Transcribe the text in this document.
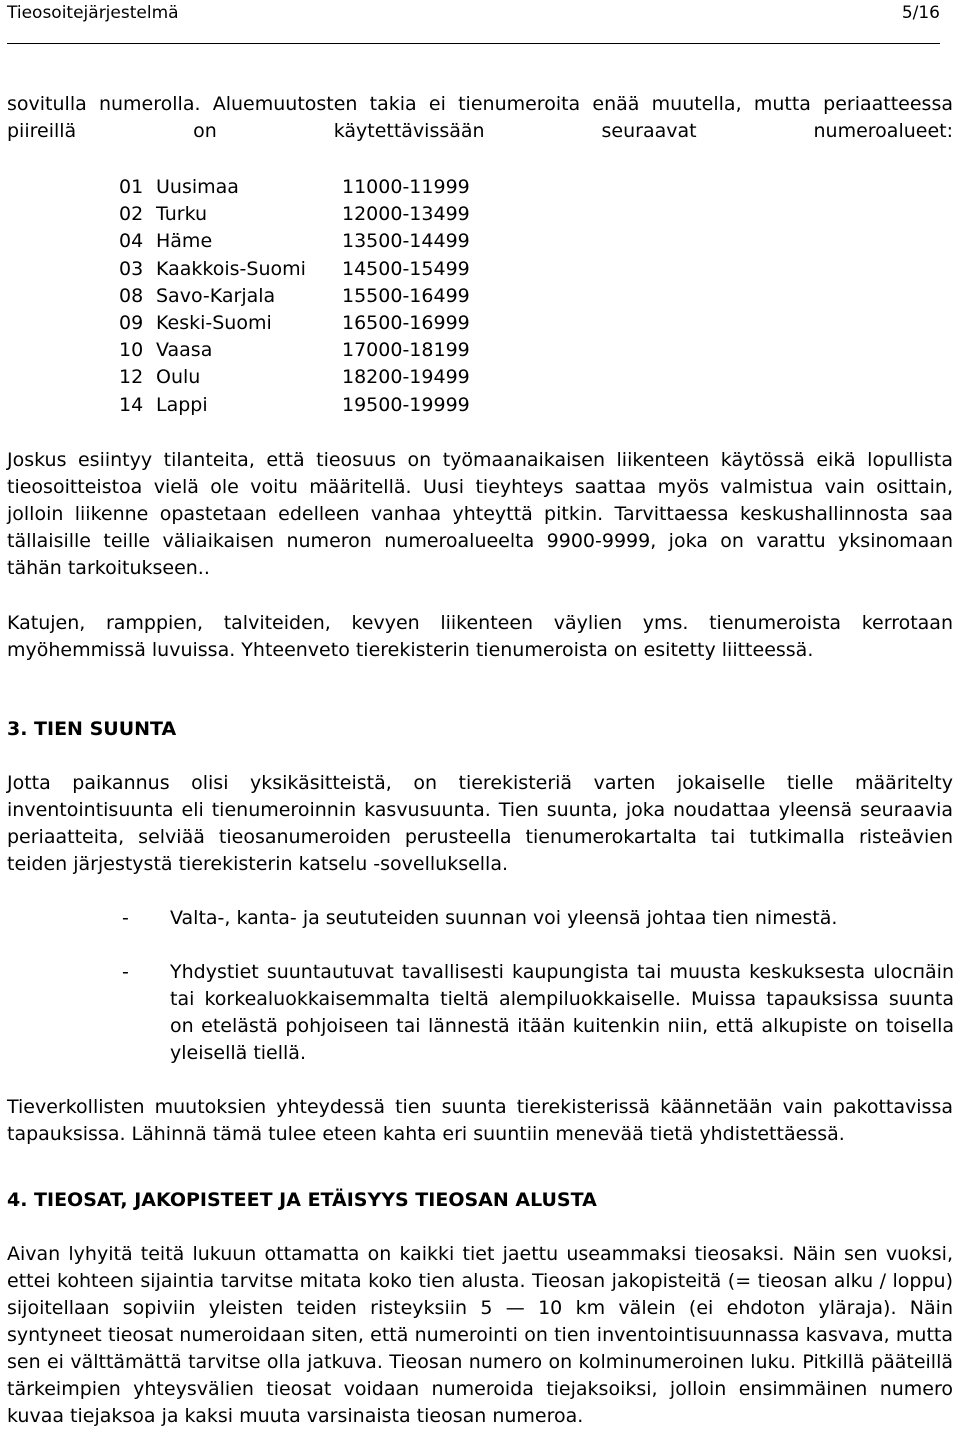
Tieosoitejärjestelmä	5/16

sovitulla numerolla. Aluemuutosten takia ei tienumeroita enää muutella, mutta periaatteessa piireillä on käytettävissään seuraavat numeroalueet:

01 Uusimaa	11000-11999
02 Turku	12000-13499
04 Häme	13500-14499
03 Kaakkois-Suomi	14500-15499
08 Savo-Karjala	15500-16499
09 Keski-Suomi	16500-16999
10 Vaasa	17000-18199
12 Oulu	18200-19499
14 Lappi	19500-19999

Joskus esiintyy tilanteita, että tieosuus on työmaanaikaisen liikenteen käytössä eikä lopullista tieosoitteistoa vielä ole voitu määritellä. Uusi tieyhteys saattaa myös valmistua vain osittain, jolloin liikenne opastetaan edelleen vanhaa yhteyttä pitkin. Tarvittaessa keskushallinnosta saa tällaisille teille väliaikaisen numeron numeroalueelta 9900-9999, joka on varattu yksinomaan tähän tarkoitukseen..

Katujen, ramppien, talviteiden, kevyen liikenteen väylien yms. tienumeroista kerrotaan myöhemmissä luvuissa. Yhteenveto tierekisterin tienumeroista on esitetty liitteessä.

3. TIEN SUUNTA

Jotta paikannus olisi yksikäsitteistä, on tierekisteriä varten jokaiselle tielle määritelty inventointisuunta eli tienumeroinnin kasvusuunta. Tien suunta, joka noudattaa yleensä seuraavia periaatteita, selviää tieosanumeroiden perusteella tienumerokartalta tai tutkimalla risteävien teiden järjestystä tierekisterin katselu -sovelluksella.

- Valta-, kanta- ja seututeiden suunnan voi yleensä johtaa tien nimestä.
- Yhdystiet suuntautuvat tavallisesti kaupungista tai muusta keskuksesta uloспäin tai korkealuokkaisemmalta tieltä alempiluokkaiselle. Muissa tapauksissa suunta on etelästä pohjoiseen tai lännestä itään kuitenkin niin, että alkupiste on toisella yleisellä tiellä.

Tieverkollisten muutoksien yhteydessä tien suunta tierekisterissä käännetään vain pakottavissa tapauksissa. Lähinnä tämä tulee eteen kahta eri suuntiin menevää tietä yhdistettäessä.

4. TIEOSAT, JAKOPISTEET JA ETÄISYYS TIEOSAN ALUSTA

Aivan lyhyitä teitä lukuun ottamatta on kaikki tiet jaettu useammaksi tieosaksi. Näin sen vuoksi, ettei kohteen sijaintia tarvitse mitata koko tien alusta. Tieosan jakopisteitä (= tieosan alku / loppu) sijoitellaan sopiviin yleisten teiden risteyksiin 5 — 10 km välein (ei ehdoton yläraja). Näin syntyneet tieosat numeroidaan siten, että numerointi on tien inventointisuunnassa kasvava, mutta sen ei välttämättä tarvitse olla jatkuva. Tieosan numero on kolminumeroinen luku. Pitkillä pääteillä tärkeimpien yhteysvälien tieosat voidaan numeroida tiejaksoiksi, jolloin ensimmäinen numero kuvaa tiejaksoa ja kaksi muuta varsinaista tieosan numeroa.
